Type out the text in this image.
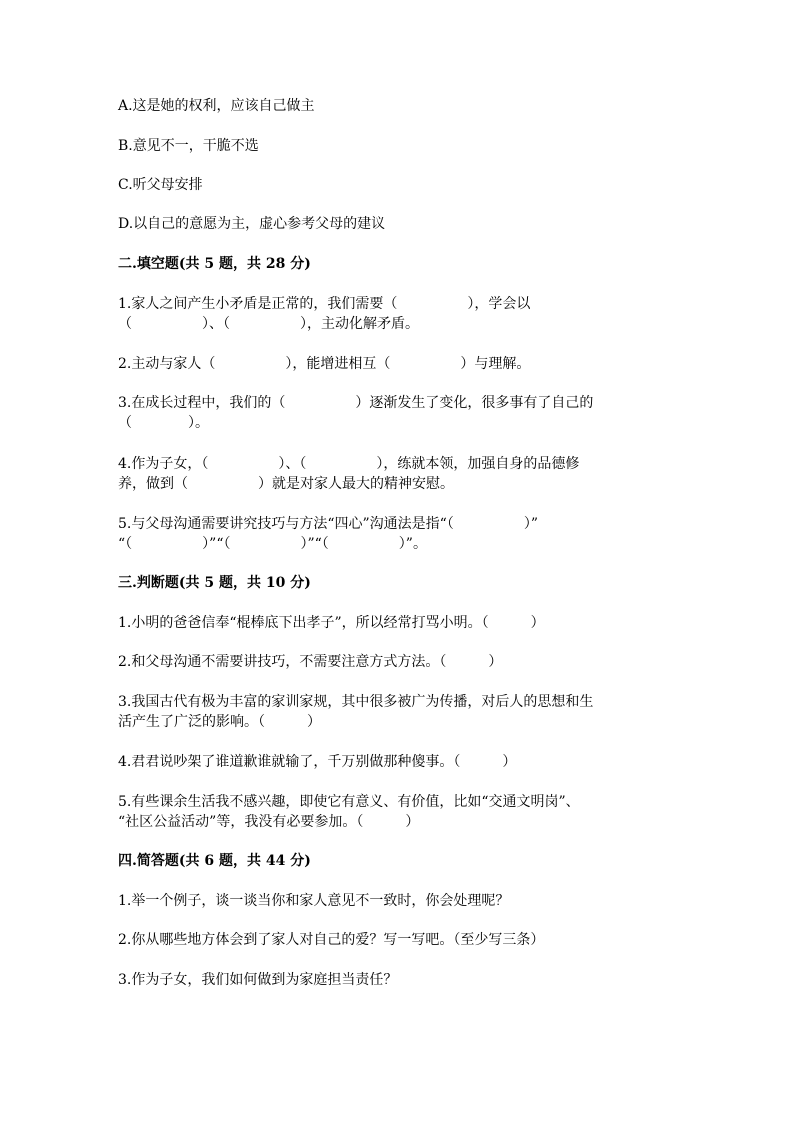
A.这是她的权利，应该自己做主

B.意见不一，干脆不选

C.听父母安排

D.以自己的意愿为主，虚心参考父母的建议

二.填空题(共 5 题，共 28 分)

1.家人之间产生小矛盾是正常的，我们需要（　　　　　），学会以

（　　　　　）、（　　　　　），主动化解矛盾。

2.主动与家人（　　　　　），能增进相互（　　　　　）与理解。

3.在成长过程中，我们的（　　　　　）逐渐发生了变化，很多事有了自己的

（　　　　）。

4.作为子女，（　　　　　）、（　　　　　），练就本领，加强自身的品德修

养，做到（　　　　　）就是对家人最大的精神安慰。

5.与父母沟通需要讲究技巧与方法“四心”沟通法是指“（　　　　　）”

“（　　　　　）”“（　　　　　）”“（　　　　　）”。

三.判断题(共 5 题，共 10 分)

1.小明的爸爸信奉“棍棒底下出孝子”，所以经常打骂小明。（　　　）

2.和父母沟通不需要讲技巧，不需要注意方式方法。（　　　）

3.我国古代有极为丰富的家训家规，其中很多被广为传播，对后人的思想和生

活产生了广泛的影响。（　　　）

4.君君说吵架了谁道歉谁就输了，千万别做那种傻事。（　　　）

5.有些课余生活我不感兴趣，即使它有意义、有价值，比如“交通文明岗”、

“社区公益活动”等，我没有必要参加。（　　　）

四.简答题(共 6 题，共 44 分)

1.举一个例子，谈一谈当你和家人意见不一致时，你会处理呢？

2.你从哪些地方体会到了家人对自己的爱？写一写吧。（至少写三条）

3.作为子女，我们如何做到为家庭担当责任？
